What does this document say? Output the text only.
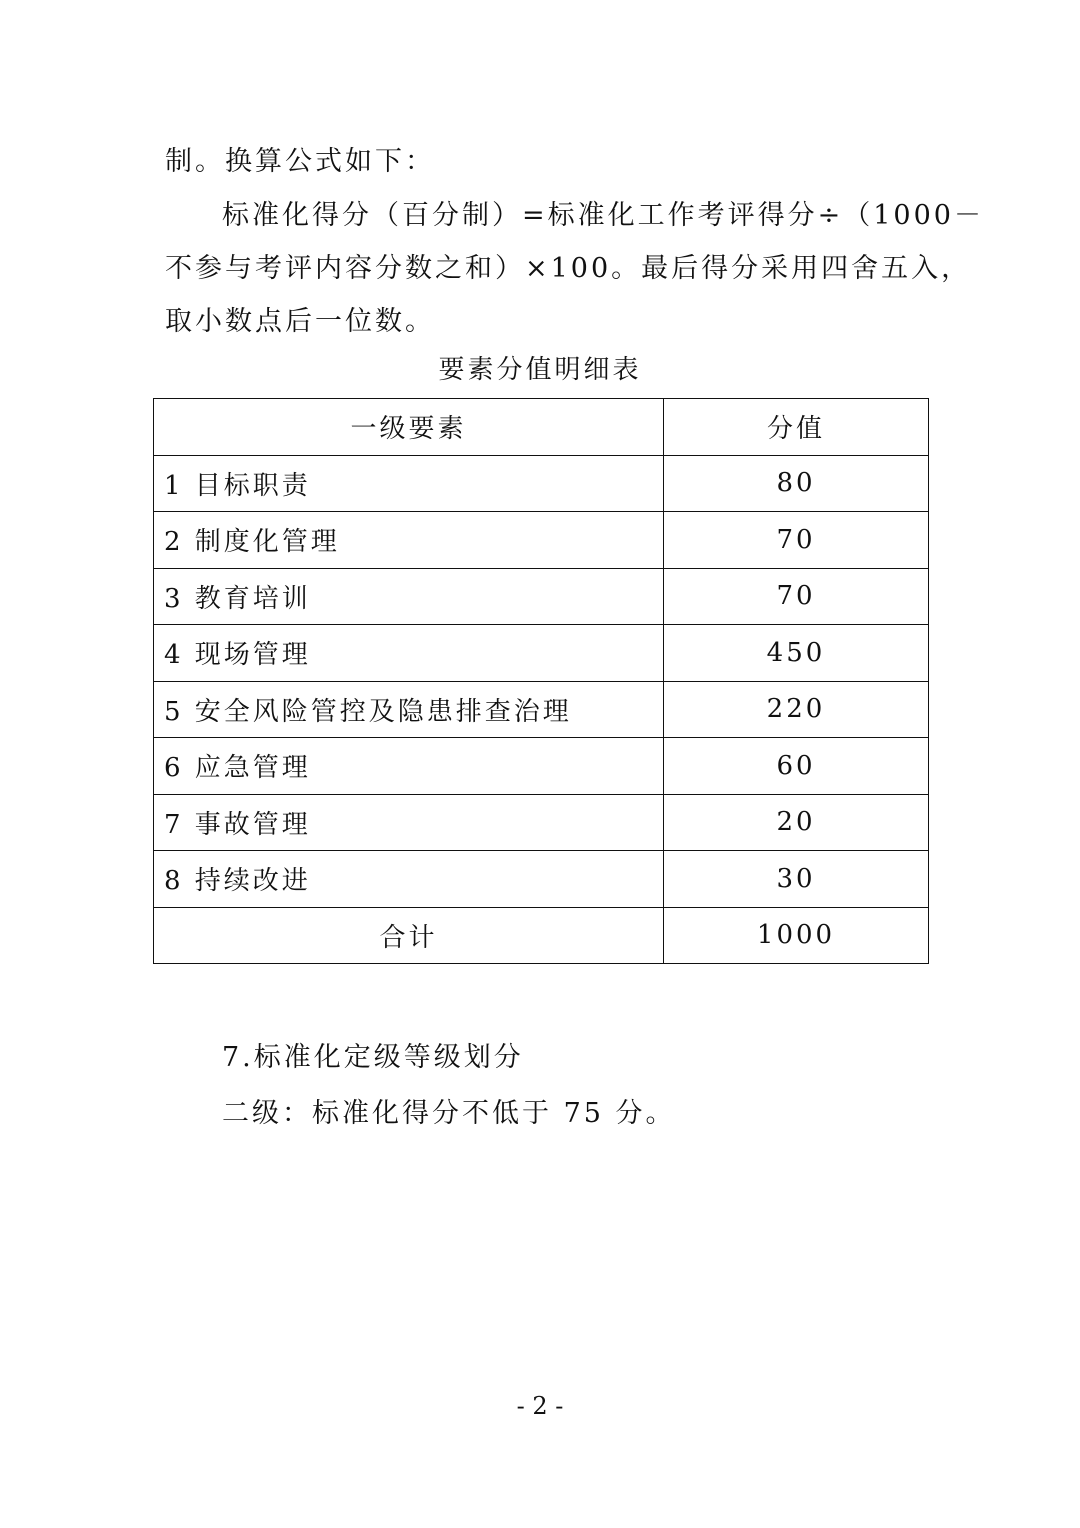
制。换算公式如下：
标准化得分（百分制）=标准化工作考评得分÷（1000－
不参与考评内容分数之和）×100。最后得分采用四舍五入，
取小数点后一位数。
要素分值明细表
一级要素	分值
1 目标职责	80
2 制度化管理	70
3 教育培训	70
4 现场管理	450
5 安全风险管控及隐患排查治理	220
6 应急管理	60
7 事故管理	20
8 持续改进	30
合计	1000
7.标准化定级等级划分
二级：标准化得分不低于 75 分。
- 2 -
